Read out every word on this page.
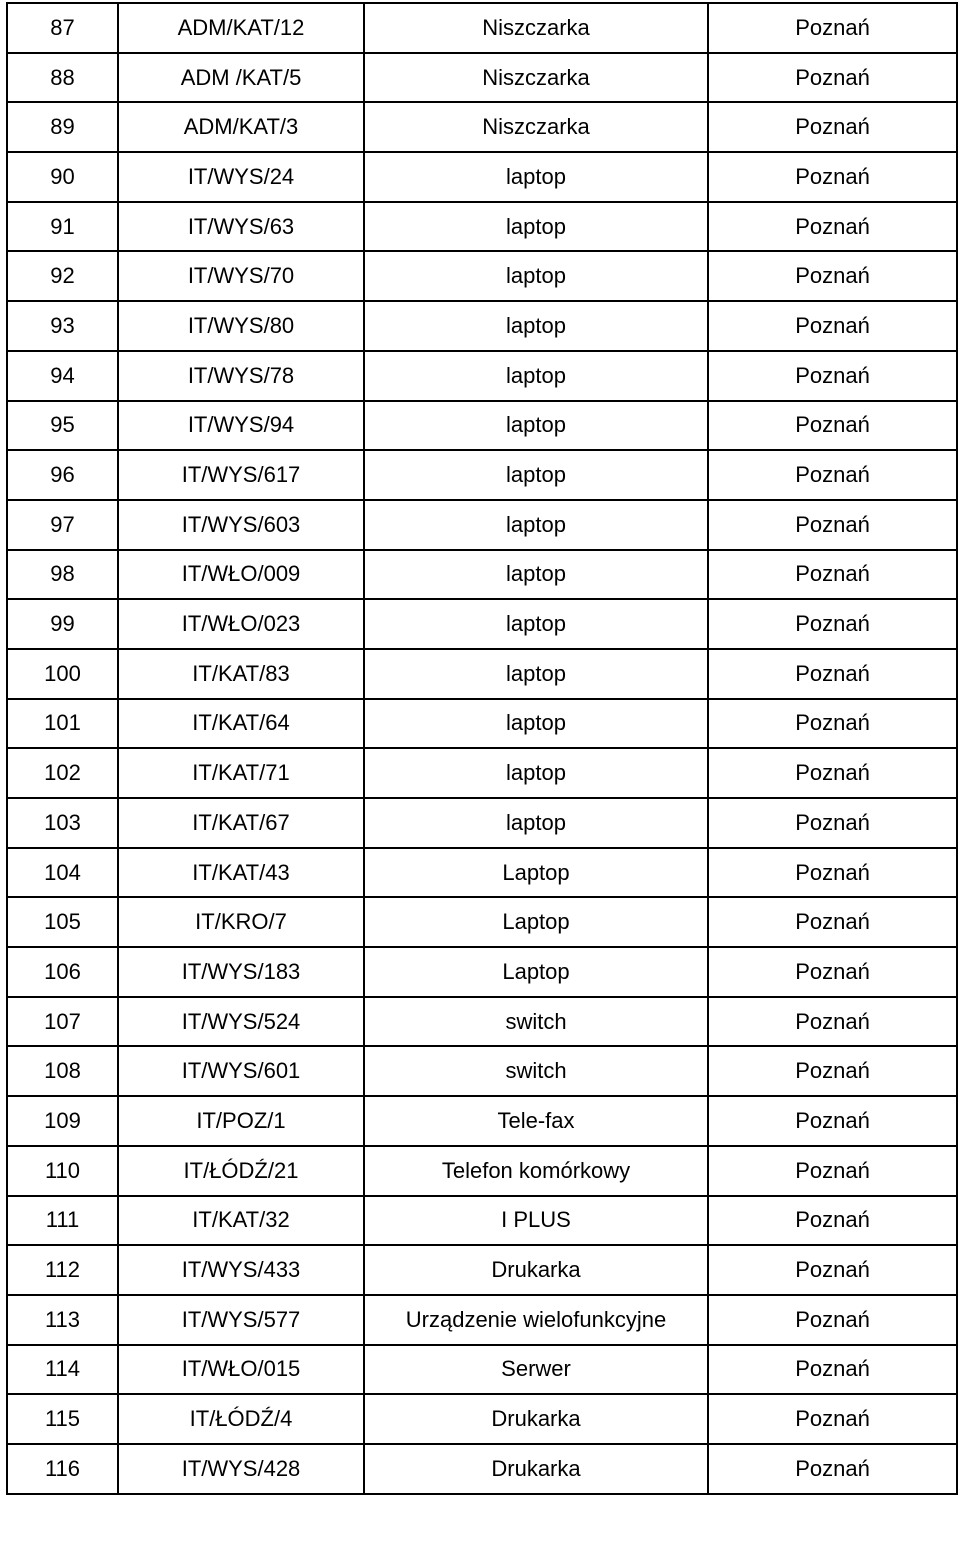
87	ADM/KAT/12	Niszczarka	Poznań
88	ADM /KAT/5	Niszczarka	Poznań
89	ADM/KAT/3	Niszczarka	Poznań
90	IT/WYS/24	laptop	Poznań
91	IT/WYS/63	laptop	Poznań
92	IT/WYS/70	laptop	Poznań
93	IT/WYS/80	laptop	Poznań
94	IT/WYS/78	laptop	Poznań
95	IT/WYS/94	laptop	Poznań
96	IT/WYS/617	laptop	Poznań
97	IT/WYS/603	laptop	Poznań
98	IT/WŁO/009	laptop	Poznań
99	IT/WŁO/023	laptop	Poznań
100	IT/KAT/83	laptop	Poznań
101	IT/KAT/64	laptop	Poznań
102	IT/KAT/71	laptop	Poznań
103	IT/KAT/67	laptop	Poznań
104	IT/KAT/43	Laptop	Poznań
105	IT/KRO/7	Laptop	Poznań
106	IT/WYS/183	Laptop	Poznań
107	IT/WYS/524	switch	Poznań
108	IT/WYS/601	switch	Poznań
109	IT/POZ/1	Tele-fax	Poznań
110	IT/ŁÓDŹ/21	Telefon komórkowy	Poznań
111	IT/KAT/32	I PLUS	Poznań
112	IT/WYS/433	Drukarka	Poznań
113	IT/WYS/577	Urządzenie wielofunkcyjne	Poznań
114	IT/WŁO/015	Serwer	Poznań
115	IT/ŁÓDŹ/4	Drukarka	Poznań
116	IT/WYS/428	Drukarka	Poznań
